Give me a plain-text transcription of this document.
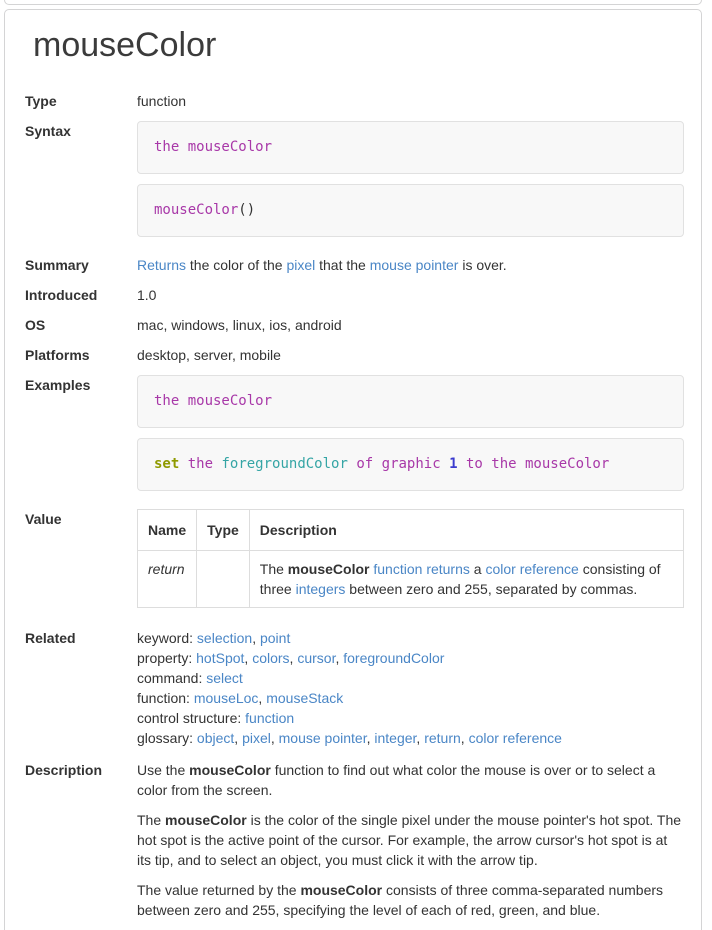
mouseColor
Type	function
Syntax
the mouseColor
mouseColor()
Summary	Returns the color of the pixel that the mouse pointer is over.
Introduced	1.0
OS	mac, windows, linux, ios, android
Platforms	desktop, server, mobile
Examples
the mouseColor
set the foregroundColor of graphic 1 to the mouseColor
Value
Name	Type	Description
return		The mouseColor function returns a color reference consisting of three integers between zero and 255, separated by commas.
Related	keyword: selection, point
property: hotSpot, colors, cursor, foregroundColor
command: select
function: mouseLoc, mouseStack
control structure: function
glossary: object, pixel, mouse pointer, integer, return, color reference
Description	Use the mouseColor function to find out what color the mouse is over or to select a color from the screen.

The mouseColor is the color of the single pixel under the mouse pointer's hot spot. The hot spot is the active point of the cursor. For example, the arrow cursor's hot spot is at its tip, and to select an object, you must click it with the arrow tip.

The value returned by the mouseColor consists of three comma-separated numbers between zero and 255, specifying the level of each of red, green, and blue.
